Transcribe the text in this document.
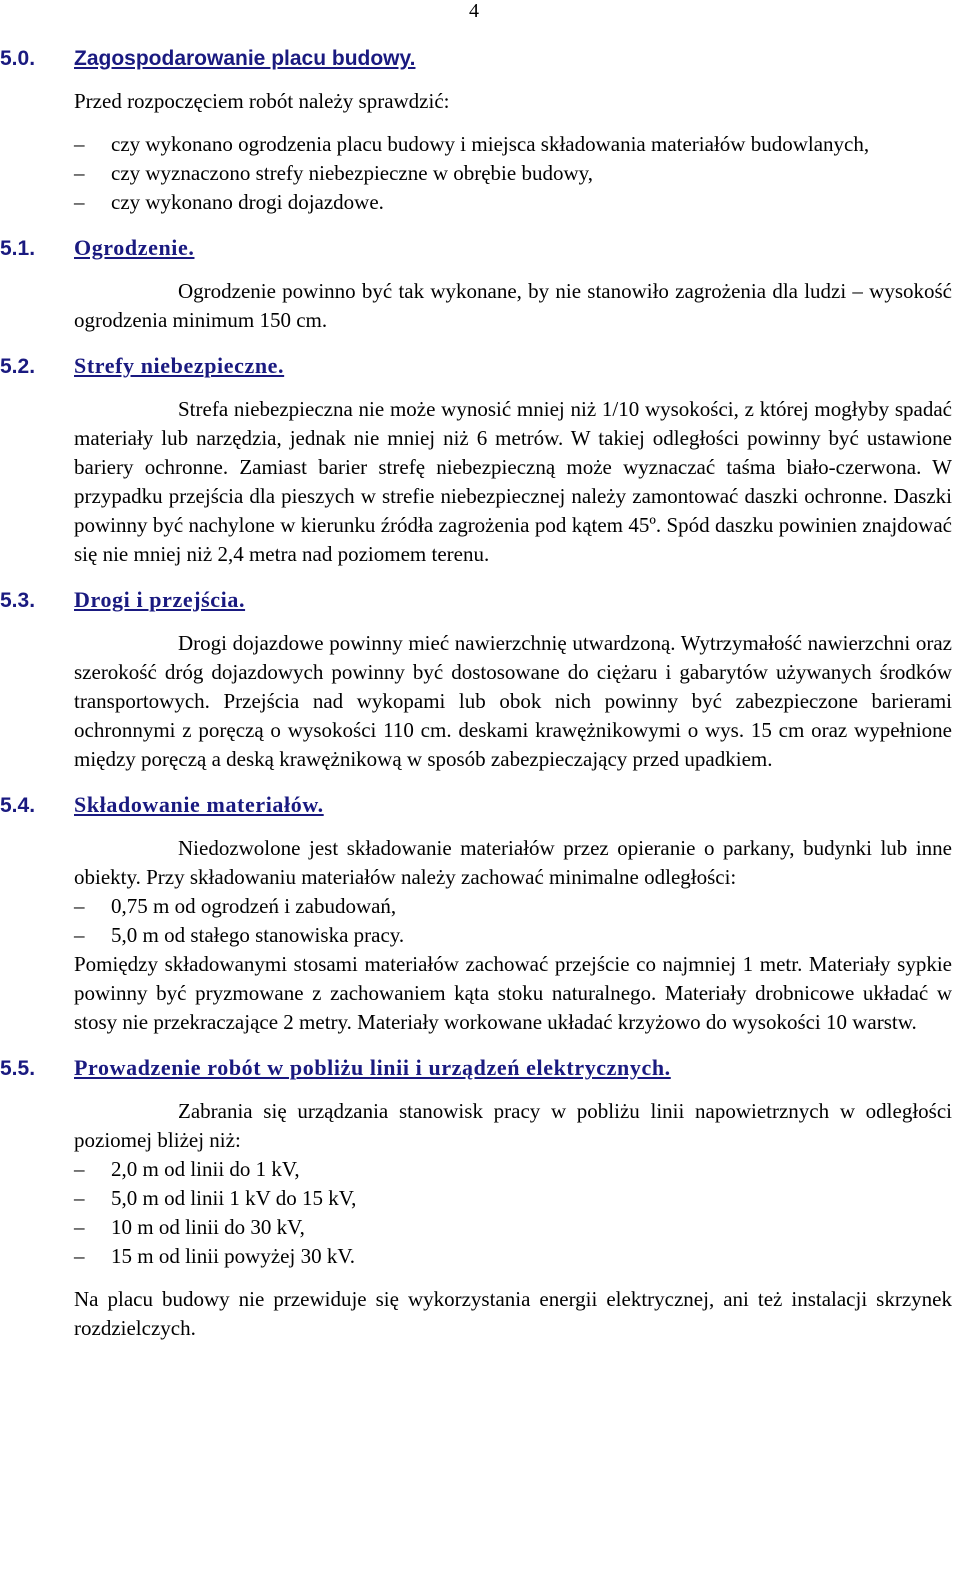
4
5.0.	Zagospodarowanie placu budowy.

Przed rozpoczęciem robót należy sprawdzić:

– czy wykonano ogrodzenia placu budowy i miejsca składowania materiałów budowlanych,
– czy wyznaczono strefy niebezpieczne w obrębie budowy,
– czy wykonano drogi dojazdowe.
5.1.	Ogrodzenie.

Ogrodzenie powinno być tak wykonane, by nie stanowiło zagrożenia dla ludzi – wysokość ogrodzenia minimum 150 cm.

5.2.	Strefy niebezpieczne.

Strefa niebezpieczna nie może wynosić mniej niż 1/10 wysokości, z której mogłyby spadać materiały lub narzędzia, jednak nie mniej niż 6 metrów. W takiej odległości powinny być ustawione bariery ochronne. Zamiast barier strefę niebezpieczną może wyznaczać taśma biało-czerwona. W przypadku przejścia dla pieszych w strefie niebezpiecznej należy zamontować daszki ochronne. Daszki powinny być nachylone w kierunku źródła zagrożenia pod kątem 45º. Spód daszku powinien znajdować się nie mniej niż 2,4 metra nad poziomem terenu.

5.3.	Drogi i przejścia.

Drogi dojazdowe powinny mieć nawierzchnię utwardzoną. Wytrzymałość nawierzchni oraz szerokość dróg dojazdowych powinny być dostosowane do ciężaru i gabarytów używanych środków transportowych. Przejścia nad wykopami lub obok nich powinny być zabezpieczone barierami ochronnymi z poręczą o wysokości 110 cm. deskami krawężnikowymi o wys. 15 cm oraz wypełnione między poręczą a deską krawężnikową w sposób zabezpieczający przed upadkiem.

5.4.	Składowanie materiałów.

Niedozwolone jest składowanie materiałów przez opieranie o parkany, budynki lub inne obiekty. Przy składowaniu materiałów należy zachować minimalne odległości:

– 0,75 m od ogrodzeń i zabudowań,
– 5,0 m od stałego stanowiska pracy.

Pomiędzy składowanymi stosami materiałów zachować przejście co najmniej 1 metr. Materiały sypkie powinny być pryzmowane z zachowaniem kąta stoku naturalnego. Materiały drobnicowe układać w stosy nie przekraczające 2 metry. Materiały workowane układać krzyżowo do wysokości 10 warstw.

5.5.	Prowadzenie robót w pobliżu linii i urządzeń elektrycznych.

Zabrania się urządzania stanowisk pracy w pobliżu linii napowietrznych w odległości poziomej bliżej niż:

– 2,0 m od linii do 1 kV,
– 5,0 m od linii 1 kV do 15 kV,
– 10 m od linii do 30 kV,
– 15 m od linii powyżej 30 kV.

Na placu budowy nie przewiduje się wykorzystania energii elektrycznej, ani też instalacji skrzynek rozdzielczych.
